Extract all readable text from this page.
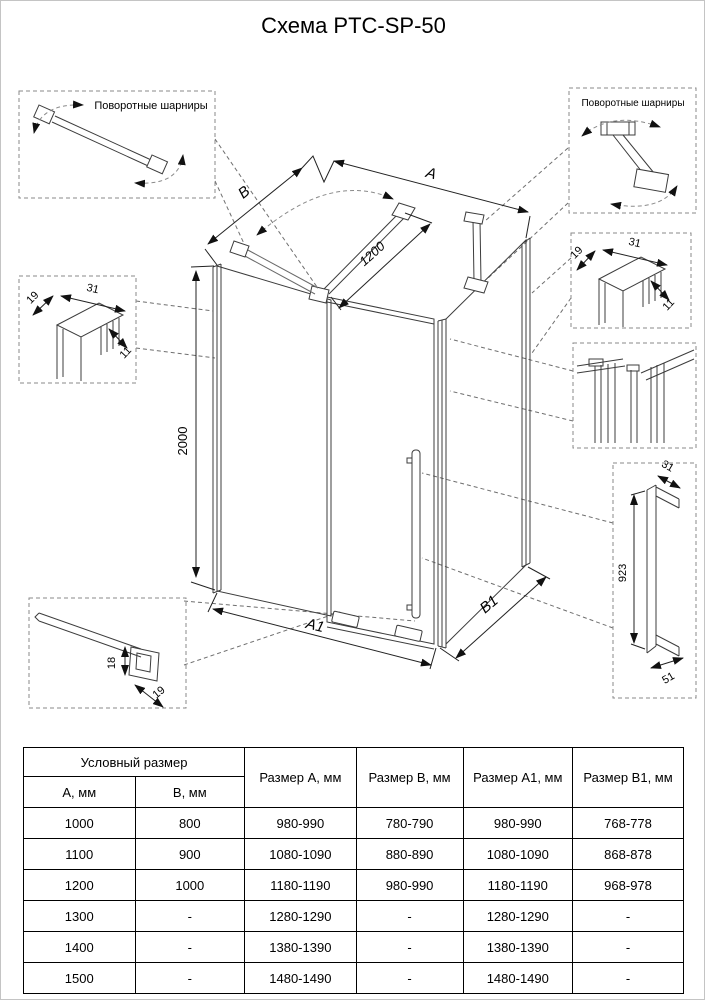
Схема PTC-SP-50
2000
B
A
1200
A1
B1
Поворотные шарниры	Поворотные шарниры
19
31
11
18
19
19
31
11
923
31
51
Условный размер		Размер А, мм	Размер В, мм	Размер А1, мм	Размер В1, мм
А, мм	В, мм				
1000	800	980-990	780-790	980-990	768-778
1100	900	1080-1090	880-890	1080-1090	868-878
1200	1000	1180-1190	980-990	1180-1190	968-978
1300	-	1280-1290	-	1280-1290	-
1400	-	1380-1390	-	1380-1390	-
1500	-	1480-1490	-	1480-1490	-
